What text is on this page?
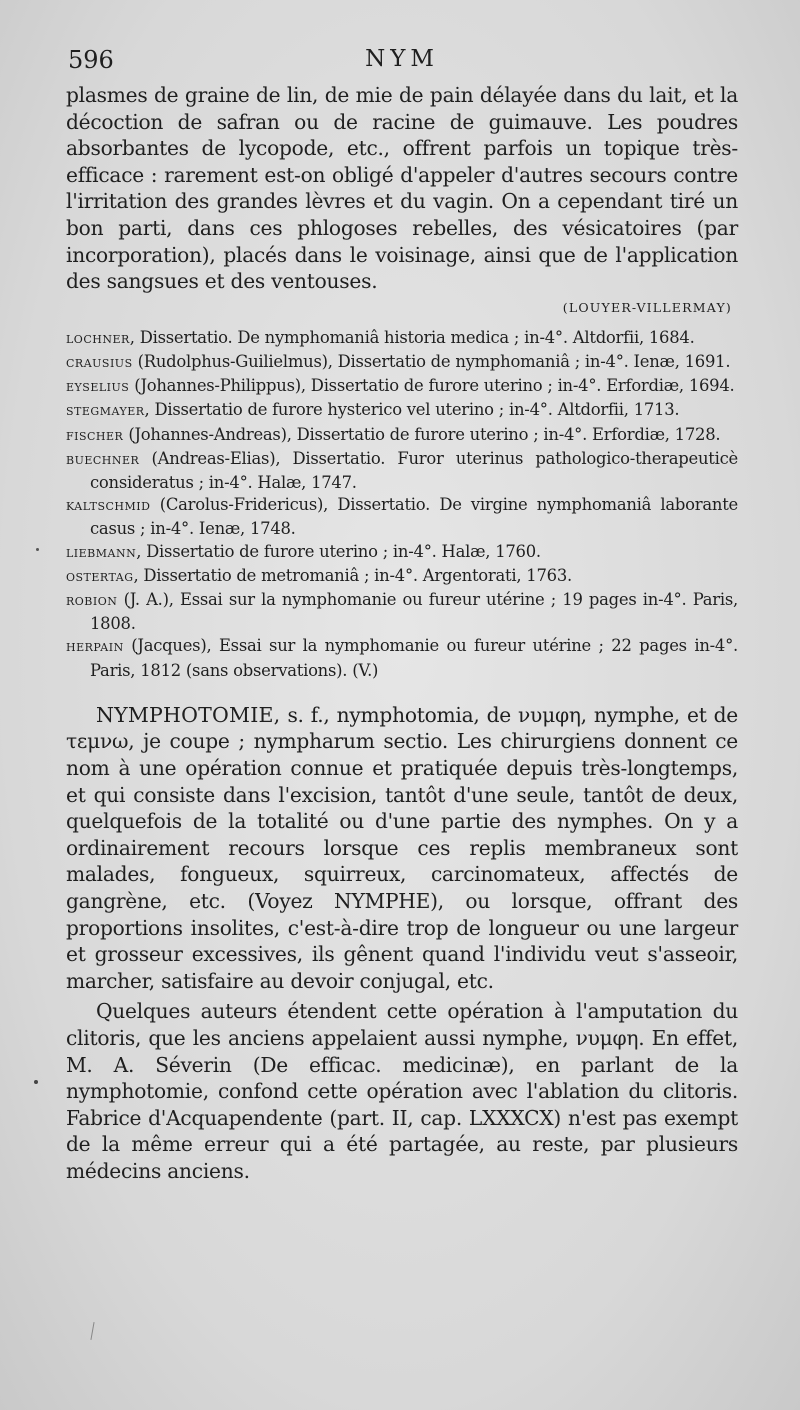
596	NYM

plasmes de graine de lin, de mie de pain délayée dans du lait, et la décoction de safran ou de racine de guimauve. Les poudres absorbantes de lycopode, etc., offrent parfois un topique très-efficace : rarement est-on obligé d'appeler d'autres secours contre l'irritation des grandes lèvres et du vagin. On a cependant tiré un bon parti, dans ces phlogoses rebelles, des vésicatoires (par incorporation), placés dans le voisinage, ainsi que de l'application des sangsues et des ventouses.

(LOUYER-VILLERMAY)
LOCHNER, Dissertatio. De nymphomaniâ historia medica ; in-4°. Altdorfii, 1684.
CRAUSIUS (Rudolphus-Guilielmus), Dissertatio de nymphomaniâ ; in-4°. Ienæ, 1691.
EYSELIUS (Johannes-Philippus), Dissertatio de furore uterino ; in-4°. Erfordiæ, 1694.
STEGMAYER, Dissertatio de furore hysterico vel uterino ; in-4°. Altdorfii, 1713.
FISCHER (Johannes-Andreas), Dissertatio de furore uterino ; in-4°. Erfordiæ, 1728.
BUECHNER (Andreas-Elias), Dissertatio. Furor uterinus pathologico-therapeuticè consideratus ; in-4°. Halæ, 1747.
KALTSCHMID (Carolus-Fridericus), Dissertatio. De virgine nymphomaniâ laborante casus ; in-4°. Ienæ, 1748.
LIEBMANN, Dissertatio de furore uterino ; in-4°. Halæ, 1760.
OSTERTAG, Dissertatio de metromaniâ ; in-4°. Argentorati, 1763.
ROBION (J. A.), Essai sur la nymphomanie ou fureur utérine ; 19 pages in-4°. Paris, 1808.
HERPAIN (Jacques), Essai sur la nymphomanie ou fureur utérine ; 22 pages in-4°. Paris, 1812 (sans observations). (V.)

NYMPHOTOMIE, s. f., nymphotomia, de νυμφη, nymphe, et de τεμνω, je coupe ; nympharum sectio. Les chirurgiens donnent ce nom à une opération connue et pratiquée depuis très-longtemps, et qui consiste dans l'excision, tantôt d'une seule, tantôt de deux, quelquefois de la totalité ou d'une partie des nymphes. On y a ordinairement recours lorsque ces replis membraneux sont malades, fongueux, squirreux, carcinomateux, affectés de gangrène, etc. (Voyez NYMPHE), ou lorsque, offrant des proportions insolites, c'est-à-dire trop de longueur ou une largeur et grosseur excessives, ils gênent quand l'individu veut s'asseoir, marcher, satisfaire au devoir conjugal, etc.

Quelques auteurs étendent cette opération à l'amputation du clitoris, que les anciens appelaient aussi nymphe, νυμφη. En effet, M. A. Séverin (De efficac. medicinæ), en parlant de la nymphotomie, confond cette opération avec l'ablation du clitoris. Fabrice d'Acquapendente (part. II, cap. LXXXCX) n'est pas exempt de la même erreur qui a été partagée, au reste, par plusieurs médecins anciens.
